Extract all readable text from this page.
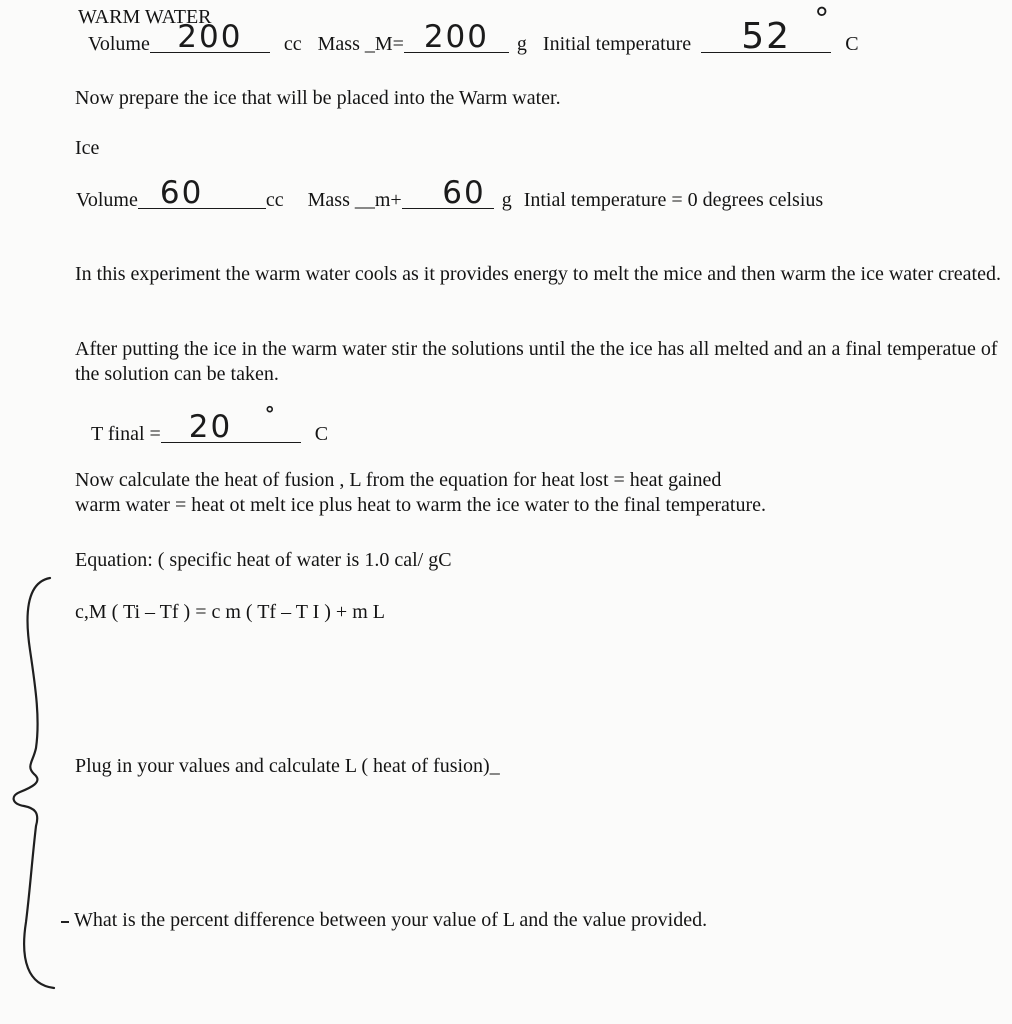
WARM WATER
Volume 200	cc Mass _M= 200	g Initial temperature	52 °
C
Now prepare the ice that will be placed into the Warm water.
Ice
Volume 60	cc Mass __m+	60 g Intial temperature = 0 degrees celsius
In this experiment the warm water cools as it provides energy to melt the mice and then warm the ice water created.
After putting the ice in the warm water stir the solutions until the the ice has all melted and an a final temperatue of the solution can be taken.
T final = 20	°
C
Now calculate the heat of fusion , L from the equation for heat lost = heat gained
warm water = heat ot melt ice plus heat to warm the ice water to the final temperature.
Equation: ( specific heat of water is 1.0 cal/ gC
c,M ( Ti – Tf ) = c m ( Tf – T I ) + m L
Plug in your values and calculate L ( heat of fusion)_
What is the percent difference between your value of L and the value provided.
